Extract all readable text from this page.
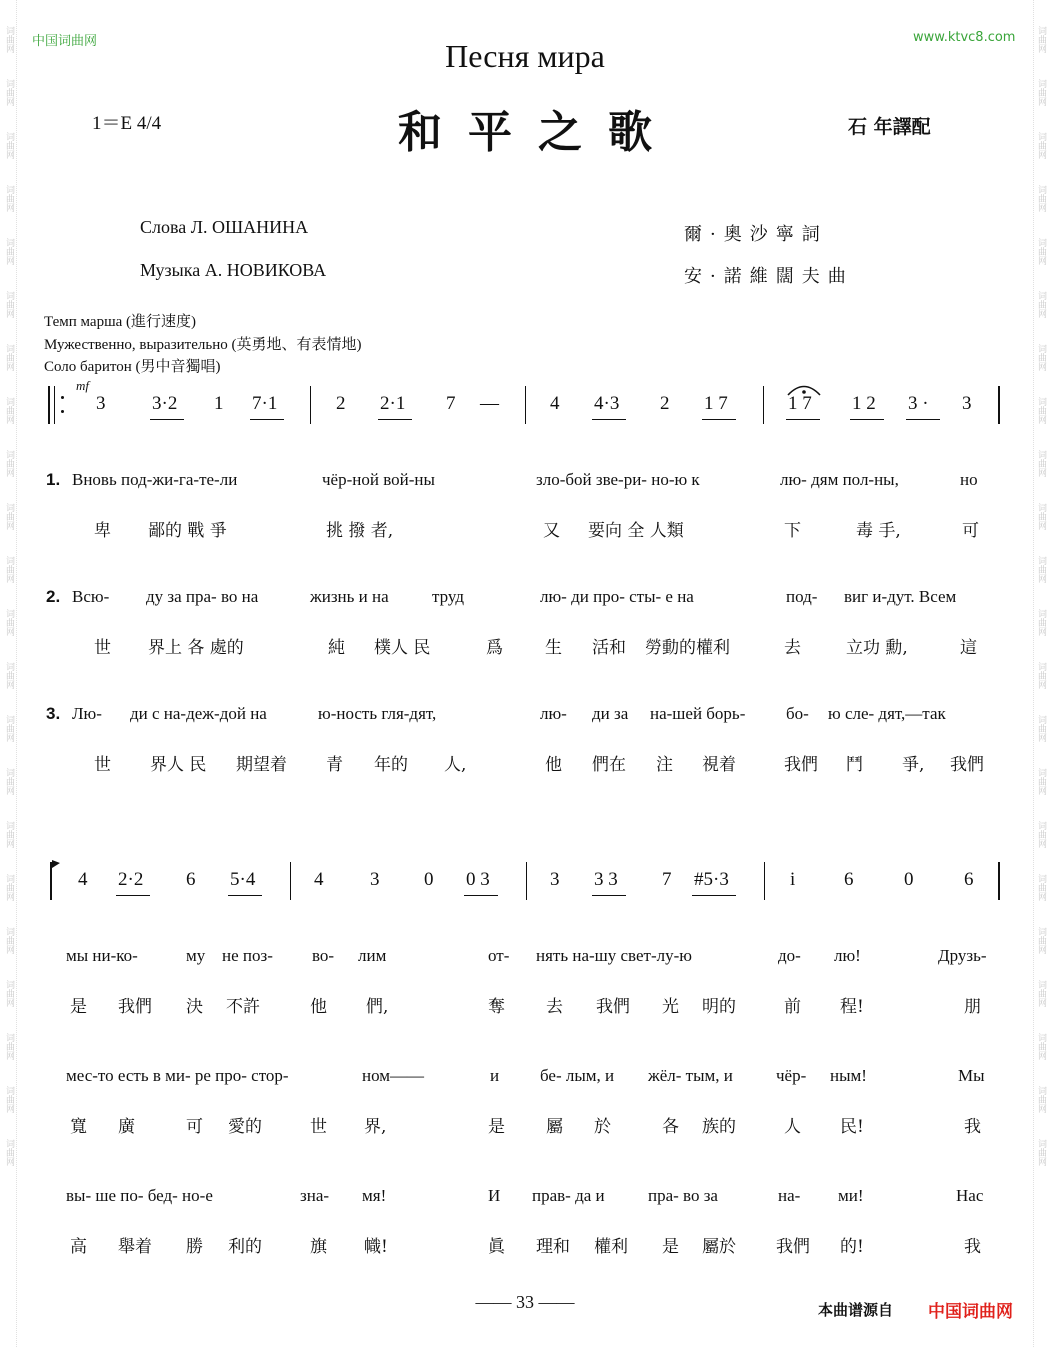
词曲网
词曲网
词曲网
词曲网
词曲网
词曲网
词曲网
词曲网
词曲网
词曲网
词曲网
词曲网
词曲网
词曲网
词曲网
词曲网
词曲网
词曲网
词曲网
词曲网
词曲网
词曲网
词曲网
词曲网
词曲网
词曲网
词曲网
词曲网
词曲网
词曲网
词曲网
词曲网
词曲网
词曲网
词曲网
词曲网
词曲网
词曲网
词曲网
词曲网
词曲网
词曲网
词曲网
词曲网
中国词曲网	www.ktvc8.com
Песня мира
和平之歌
1＝E 4/4	石 年譯配
Слова Л. ОШАНИНА
Музыка А. НОВИКОВА
爾·奧沙寧詞
安·諾維闊夫曲
Темп марша (進行速度)
Мужественно, выразительно (英勇地、有表情地)
Соло баритон (男中音獨唱)
mf
3 3·2 1 7·1	2 2·1 7 —	4 4·3 2 1 7	1 7 1 2 3 · 3
4 2·2 6 5·4	4 3 0 0 3	3 3 3 7 #5·3	i	6	0	6
1. Вновь под-жи-га-те-ли	чёр-ной вой-ны	зло-бой зве-ри- но-ю к	лю- дям пол-ны,	но
卑 鄙的 戰 爭	挑 撥 者,	又 要向 全 人類	下	毒 手,	可
2. Всю- ду за пра- во на	жизнь и на	труд	лю- ди про- сты- е на	под- виг и-дут. Всем
世 界上 各 處的	純 樸人 民	爲 生 活和 勞動的權利	去	立功 勳,	這
3. Лю- ди с на-деж-дой на	ю-ность гля-дят,	лю- ди за на-шей борь- бо- ю сле- дят,—так
世 界人 民 期望着 青 年的 人,	他 們在 注 視着	我們 鬥 爭, 我們
мы ни-ко-	му не поз- во- лим	от- нять на-шу свет-лу-ю	до- лю!	Друзь-
是 我們 決 不許	他 們,	奪 去 我們 光 明的	前 程!	朋
мес-то есть в ми- ре про- стор-	ном——	и бе- лым, и жёл- тым, и	чёр- ным!	Мы
寬 廣	可 愛的	世 界,	是 屬 於	各 族的	人 民!	我
вы- ше по- бед- но-е	зна- мя!	И прав- да и	пра- во за	на- ми!	Нас
高 舉着 勝 利的	旗 幟!	眞 理和 權利 是 屬於 我們 的!	我
—— 33 ——	本曲谱源自 中国词曲网
